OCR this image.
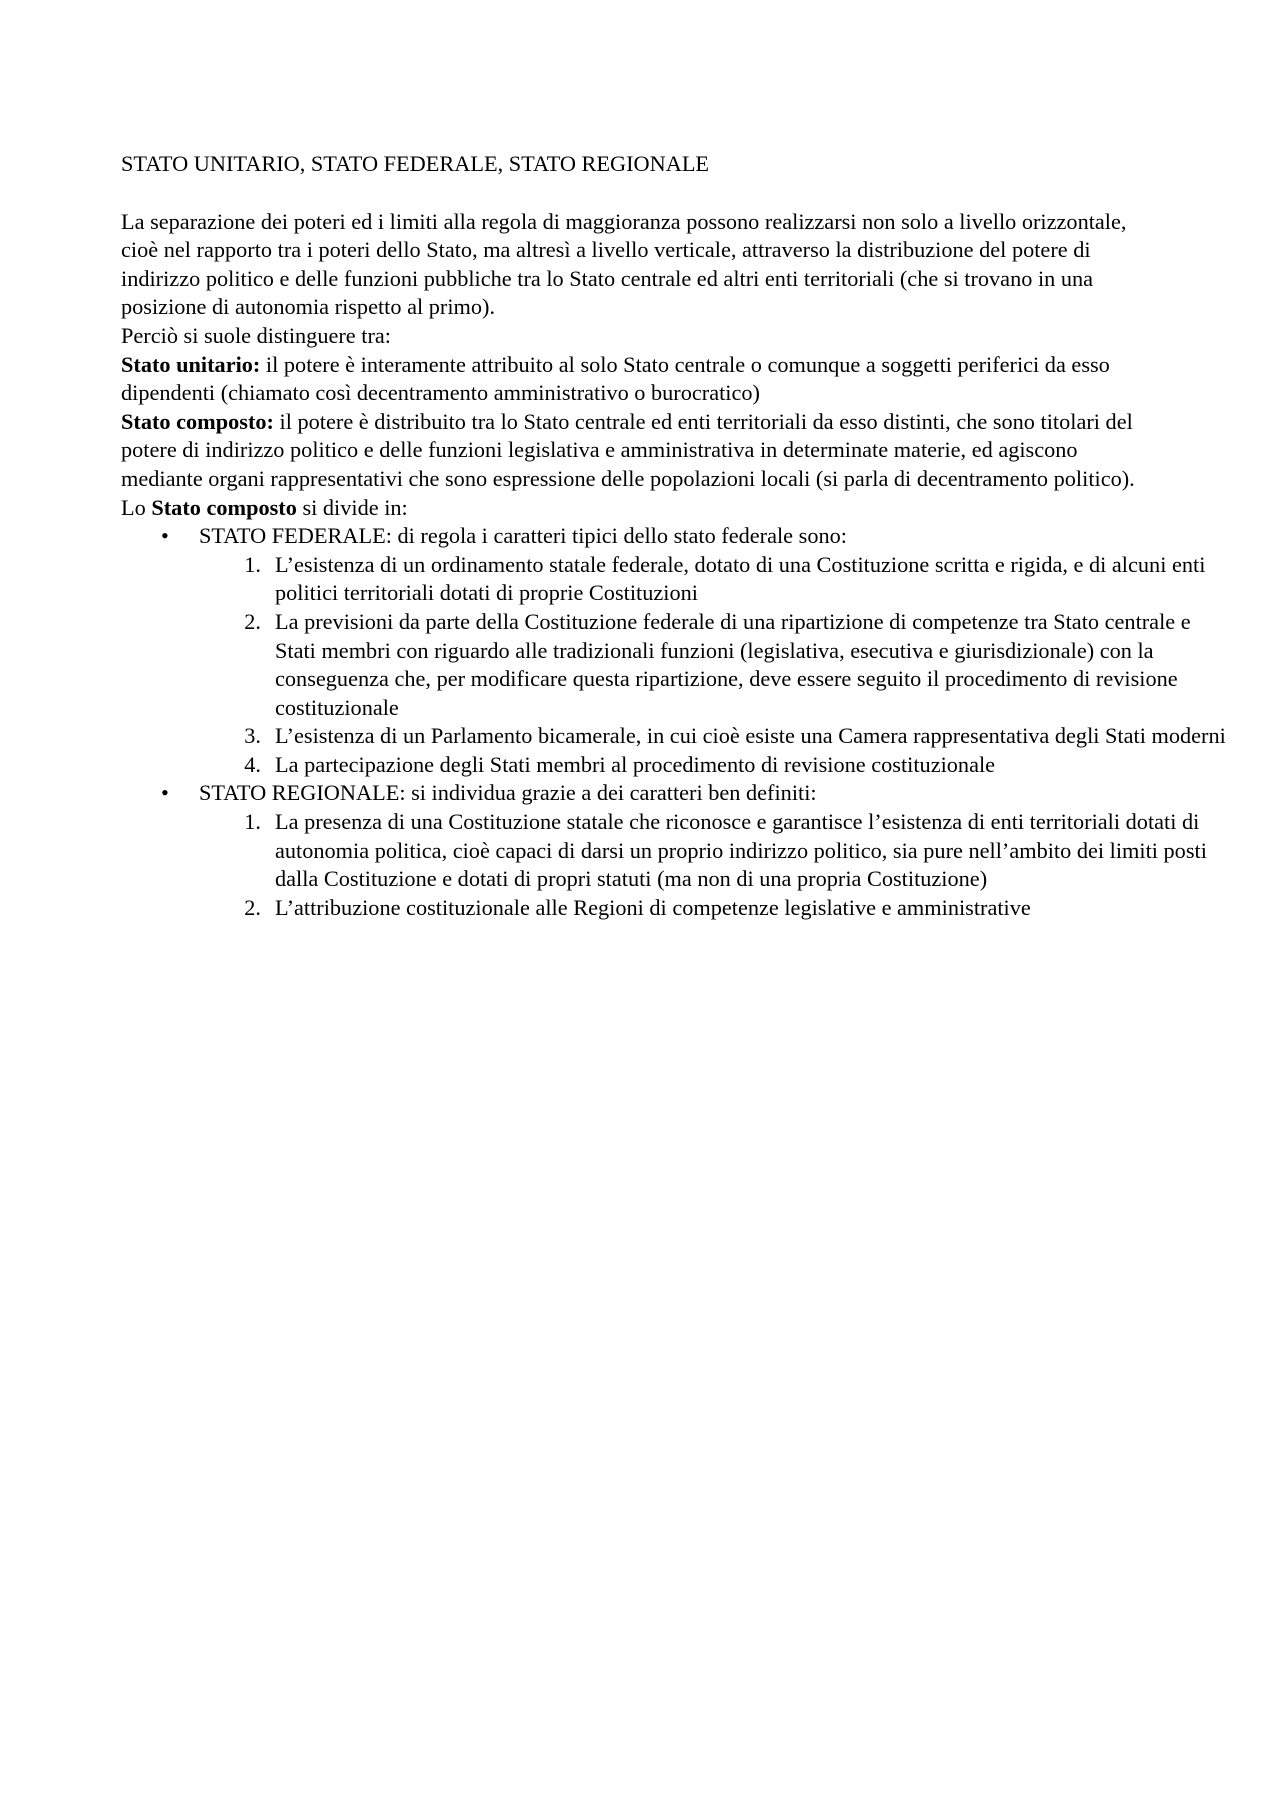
STATO UNITARIO, STATO FEDERALE, STATO REGIONALE

La separazione dei poteri ed i limiti alla regola di maggioranza possono realizzarsi non solo a livello orizzontale, cioè nel rapporto tra i poteri dello Stato, ma altresì a livello verticale, attraverso la distribuzione del potere di indirizzo politico e delle funzioni pubbliche tra lo Stato centrale ed altri enti territoriali (che si trovano in una posizione di autonomia rispetto al primo).

Perciò si suole distinguere tra:

Stato unitario: il potere è interamente attribuito al solo Stato centrale o comunque a soggetti periferici da esso dipendenti (chiamato così decentramento amministrativo o burocratico)

Stato composto: il potere è distribuito tra lo Stato centrale ed enti territoriali da esso distinti, che sono titolari del potere di indirizzo politico e delle funzioni legislativa e amministrativa in determinate materie, ed agiscono mediante organi rappresentativi che sono espressione delle popolazioni locali (si parla di decentramento politico).

Lo Stato composto si divide in:

• STATO FEDERALE: di regola i caratteri tipici dello stato federale sono:
1. L’esistenza di un ordinamento statale federale, dotato di una Costituzione scritta e rigida, e di alcuni enti politici territoriali dotati di proprie Costituzioni
2. La previsioni da parte della Costituzione federale di una ripartizione di competenze tra Stato centrale e Stati membri con riguardo alle tradizionali funzioni (legislativa, esecutiva e giurisdizionale) con la conseguenza che, per modificare questa ripartizione, deve essere seguito il procedimento di revisione costituzionale
3. L’esistenza di un Parlamento bicamerale, in cui cioè esiste una Camera rappresentativa degli Stati moderni
4. La partecipazione degli Stati membri al procedimento di revisione costituzionale
• STATO REGIONALE: si individua grazie a dei caratteri ben definiti:
1. La presenza di una Costituzione statale che riconosce e garantisce l’esistenza di enti territoriali dotati di autonomia politica, cioè capaci di darsi un proprio indirizzo politico, sia pure nell’ambito dei limiti posti dalla Costituzione e dotati di propri statuti (ma non di una propria Costituzione)
2. L’attribuzione costituzionale alle Regioni di competenze legislative e amministrative
